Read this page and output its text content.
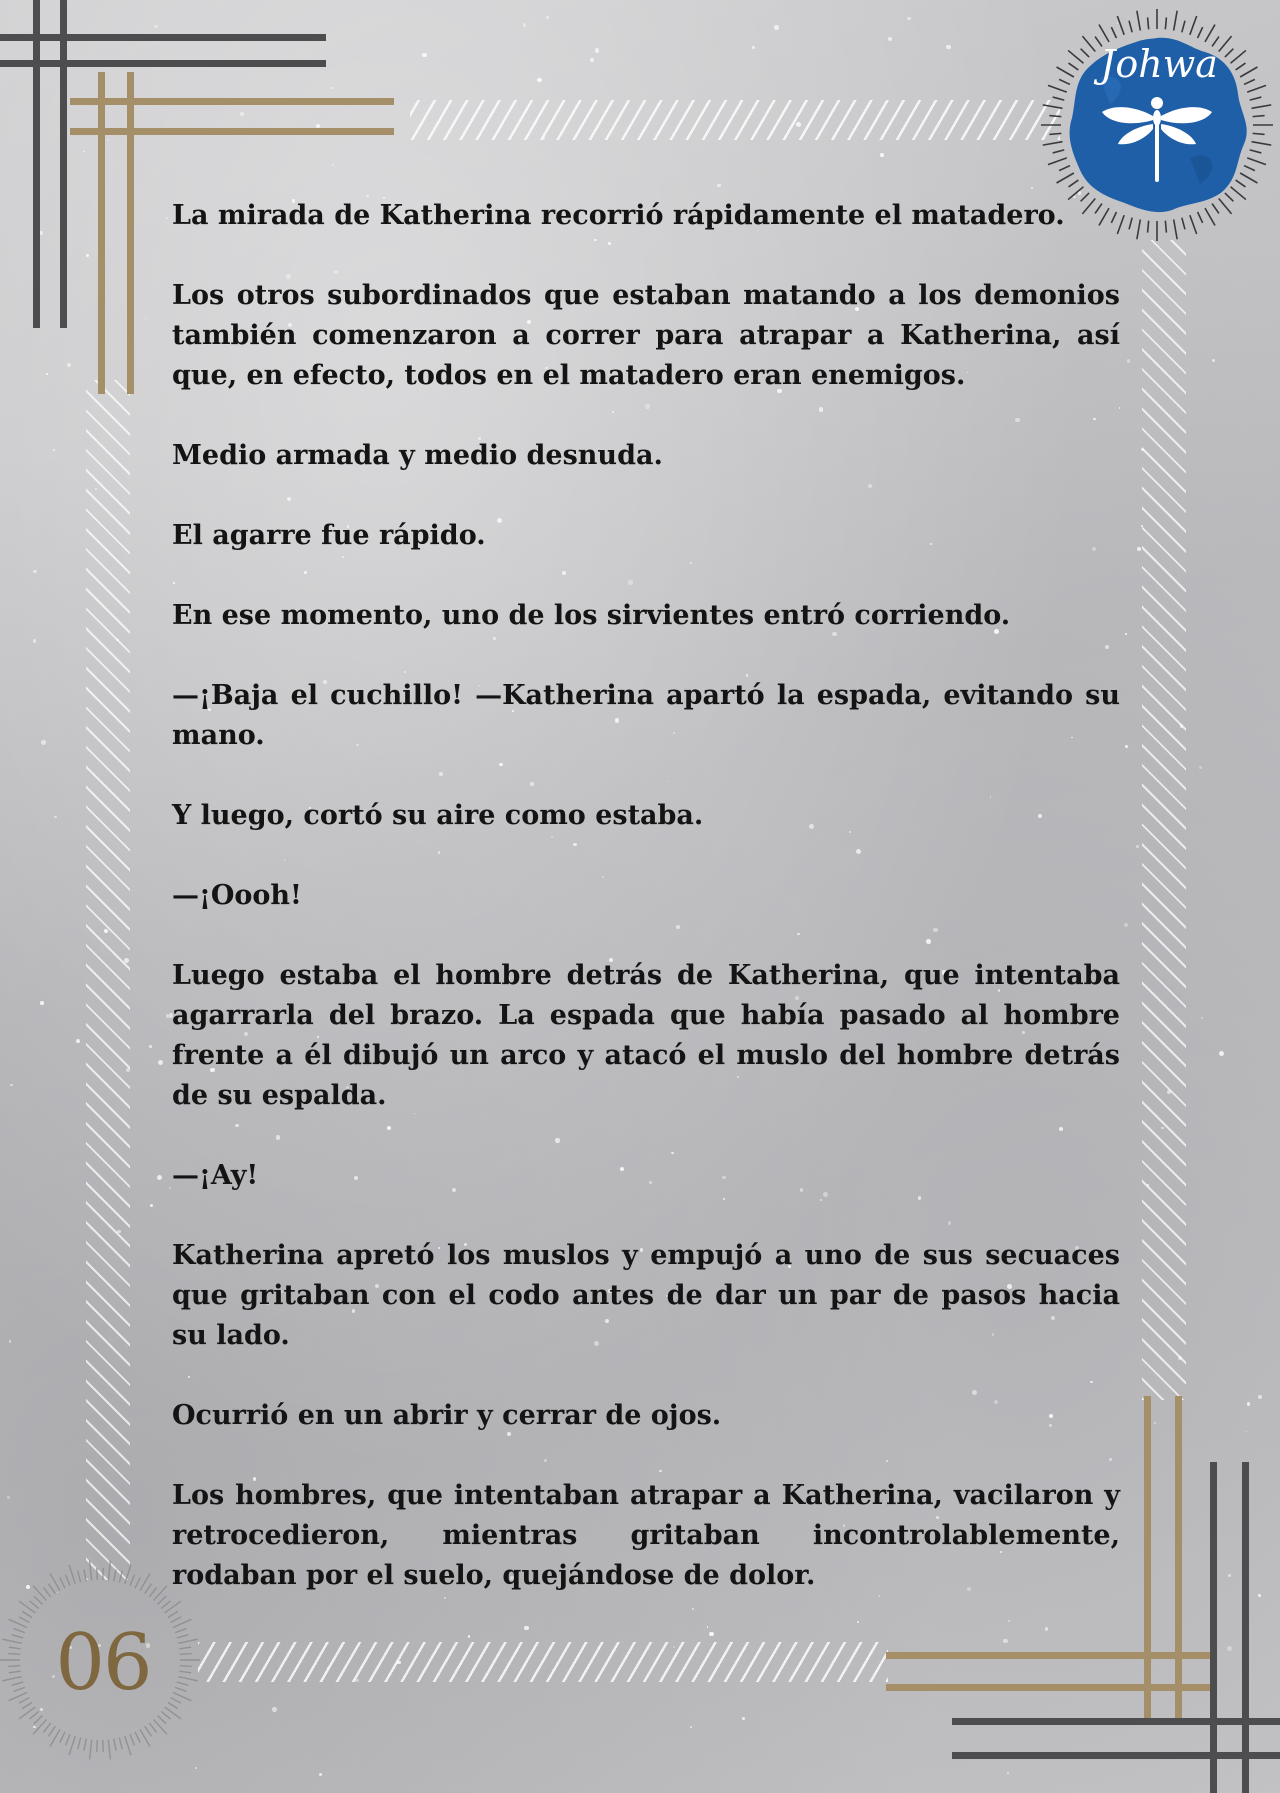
Johwa

La mirada de Katherina recorrió rápidamente el matadero.

Los otros subordinados que estaban matando a los demonios también comenzaron a correr para atrapar a Katherina, así que, en efecto, todos en el matadero eran enemigos.

Medio armada y medio desnuda.

El agarre fue rápido.

En ese momento, uno de los sirvientes entró corriendo.

—¡Baja el cuchillo! —Katherina apartó la espada, evitando su mano.

Y luego, cortó su aire como estaba.

—¡Oooh!

Luego estaba el hombre detrás de Katherina, que intentaba agarrarla del brazo. La espada que había pasado al hombre frente a él dibujó un arco y atacó el muslo del hombre detrás de su espalda.

—¡Ay!

Katherina apretó los muslos y empujó a uno de sus secuaces que gritaban con el codo antes de dar un par de pasos hacia su lado.

Ocurrió en un abrir y cerrar de ojos.

Los hombres, que intentaban atrapar a Katherina, vacilaron y retrocedieron, mientras gritaban incontrolablemente, rodaban por el suelo, quejándose de dolor.

06
